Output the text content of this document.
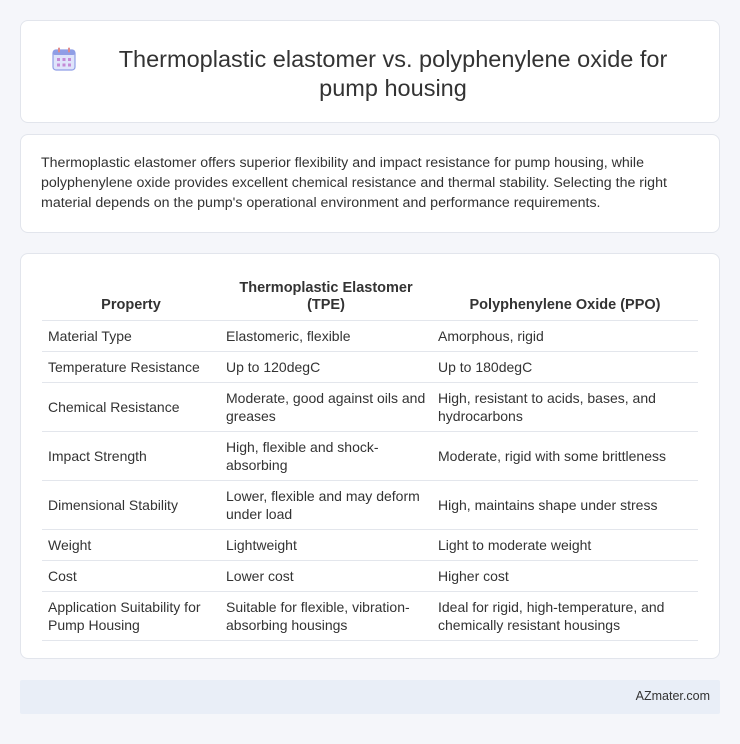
Thermoplastic elastomer vs. polyphenylene oxide for pump housing

Thermoplastic elastomer offers superior flexibility and impact resistance for pump housing, while polyphenylene oxide provides excellent chemical resistance and thermal stability. Selecting the right material depends on the pump's operational environment and performance requirements.

Property	Thermoplastic Elastomer (TPE)	Polyphenylene Oxide (PPO)
Material Type	Elastomeric, flexible	Amorphous, rigid
Temperature Resistance	Up to 120degC	Up to 180degC
Chemical Resistance	Moderate, good against oils and greases	High, resistant to acids, bases, and hydrocarbons
Impact Strength	High, flexible and shock-absorbing	Moderate, rigid with some brittleness
Dimensional Stability	Lower, flexible and may deform under load	High, maintains shape under stress
Weight	Lightweight	Light to moderate weight
Cost	Lower cost	Higher cost
Application Suitability for Pump Housing	Suitable for flexible, vibration-absorbing housings	Ideal for rigid, high-temperature, and chemically resistant housings
AZmater.com
